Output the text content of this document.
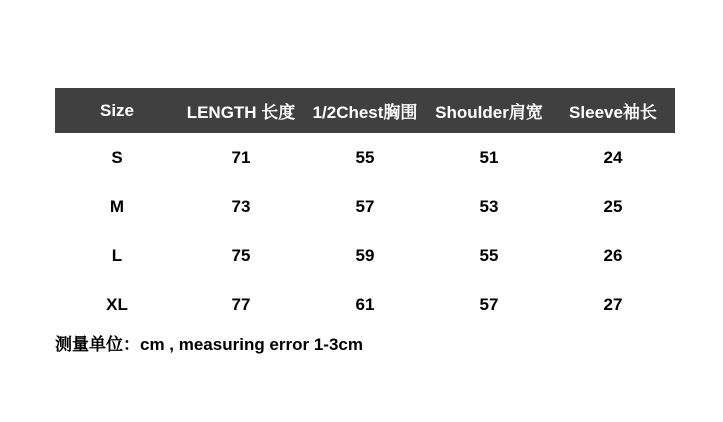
Size	LENGTH 长度	1/2Chest胸围	Shoulder肩宽	Sleeve袖长
S	71	55	51	24
M	73	57	53	25
L	75	59	55	26
XL	77	61	57	27
测量单位：cm , measuring error 1-3cm
